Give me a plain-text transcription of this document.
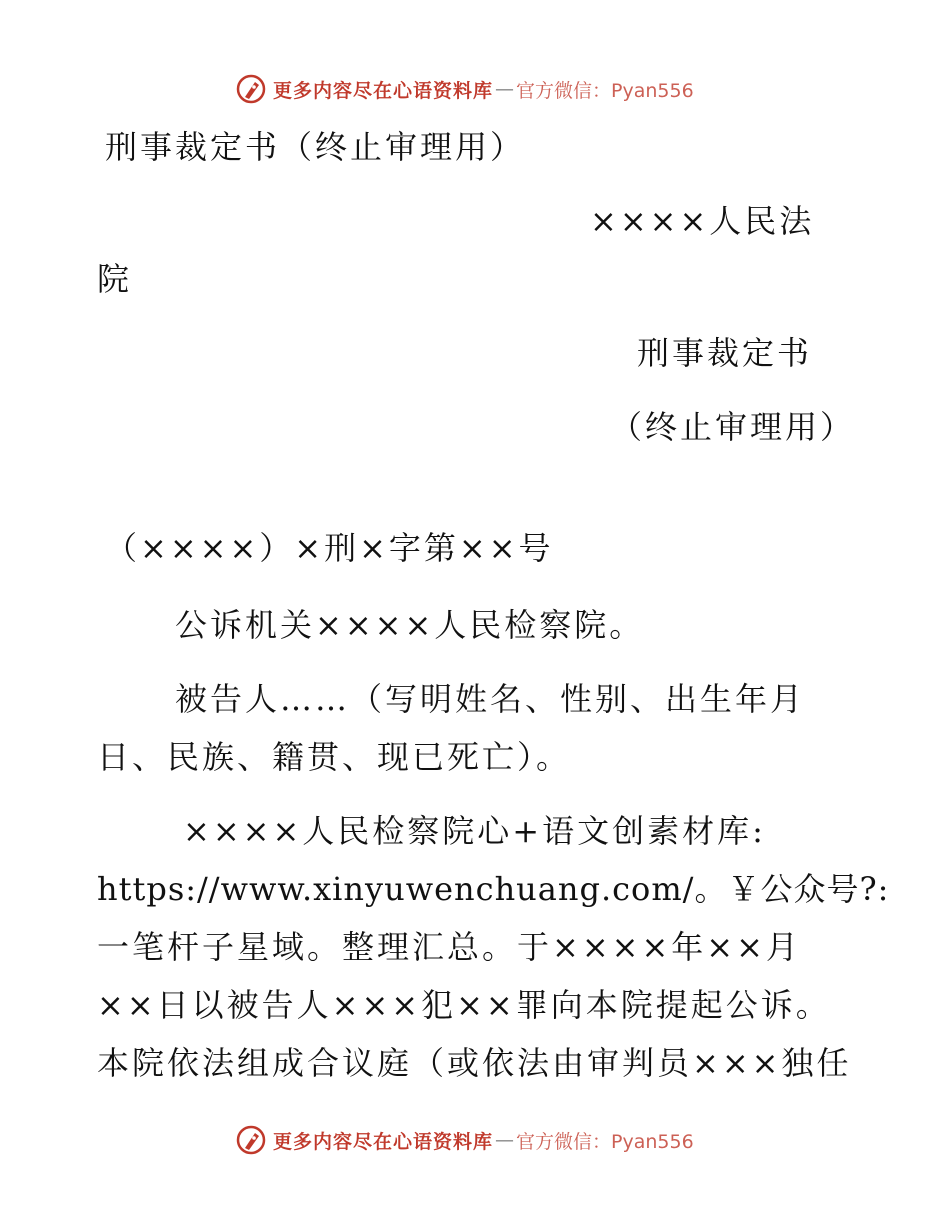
更多内容尽在心语资料库 — 官方微信：Pyan556
刑事裁定书（终止审理用）
××××人民法
院
刑事裁定书
（终止审理用）
（××××）×刑×字第××号
公诉机关××××人民检察院。
被告人……（写明姓名、性别、出生年月
日、民族、籍贯、现已死亡）。
××××人民检察院心+语文创素材库:
https://www.xinyuwenchuang.com/。￥公众号?:
一笔杆子星域。整理汇总。于××××年××月
××日以被告人×××犯××罪向本院提起公诉。
本院依法组成合议庭（或依法由审判员×××独任
更多内容尽在心语资料库 — 官方微信：Pyan556
